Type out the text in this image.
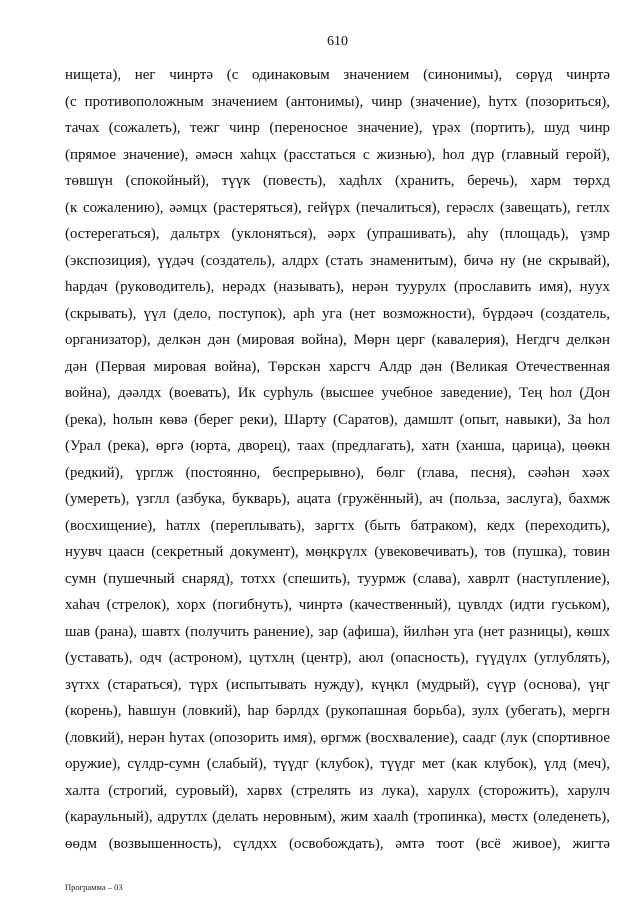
610
нищета), нег чинртә (с одинаковым значением (синонимы), сөрүд чинртә
(с противоположным значением (антонимы), чинр (значение), һутх (позориться),
тачах (сожалеть), тежг чинр (переносное значение), үрәх (портить), шуд чинр
(прямое значение), әмәсн хаһцх (расстаться с жизнью), һол дүр (главный герой),
төвшүн (спокойный), түүк (повесть), хадһлх (хранить, беречь), харм төрхд
(к сожалению), әәмцх (растеряться), гейүрх (печалиться), герәслх (завещать), гетлх
(остерегаться), дальтрх (уклоняться), әәрх (упрашивать), аһу (площадь), үзмр
(экспозиция), үүдәч (создатель), алдрх (стать знаменитым), бичә ну (не скрывай),
һардач (руководитель), нерәдх (называть), нерән туурулх (прославить имя), нуух
(скрывать), үүл (дело, поступок), арһ уга (нет возможности), бүрдәәч (создатель,
организатор), делкән дән (мировая война), Мөрн церг (кавалерия), Негдгч делкән
дән (Первая мировая война), Төрскән харсгч Алдр дән (Великая Отечественная
война), дәәлдх (воевать), Ик сурһуль (высшее учебное заведение), Тең һол (Дон
(река), һолын көвә (берег реки), Шарту (Саратов), дамшлт (опыт, навыки), За һол
(Урал (река), өргә (юрта, дворец), таах (предлагать), хатн (ханша, царица), цөөкн
(редкий), үрглж (постоянно, беспрерывно), бөлг (глава, песня), сәәһән хәәх
(умереть), үзглл (азбука, букварь), ацата (гружённый), ач (польза, заслуга), бахмж
(восхищение), һатлх (переплывать), заргтх (быть батраком), кедх (переходить),
нуувч цаасн (секретный документ), мөңкрүлх (увековечивать), тов (пушка), товин
сумн (пушечный снаряд), тотхх (спешить), туурмж (слава), хаврлт (наступление),
хаһач (стрелок), хорх (погибнуть), чинртә (качественный), цувлдх (идти гуськом),
шав (рана), шавтх (получить ранение), зар (афиша), йилһән уга (нет разницы), көшх
(уставать), одч (астроном), цутхлң (центр), аюл (опасность), гүүдүлх (углублять),
зүтхх (стараться), түрх (испытывать нужду), күңкл (мудрый), сүүр (основа), үңг
(корень), һавшун (ловкий), һар бәрлдх (рукопашная борьба), зулх (убегать), мергн
(ловкий), нерән һутах (опозорить имя), өргмж (восхваление), саадг (лук (спортивное
оружие), сүлдр-сумн (слабый), түүдг (клубок), түүдг мет (как клубок), үлд (меч),
халта (строгий, суровый), харвх (стрелять из лука), харулх (сторожить), харулч
(караульный), адрутлх (делать неровным), жим хаалһ (тропинка), мөстх (оледенеть),
өөдм (возвышенность), сүлдхх (освобождать), әмтә тоот (всё живое), жигтә
Программа – 03
